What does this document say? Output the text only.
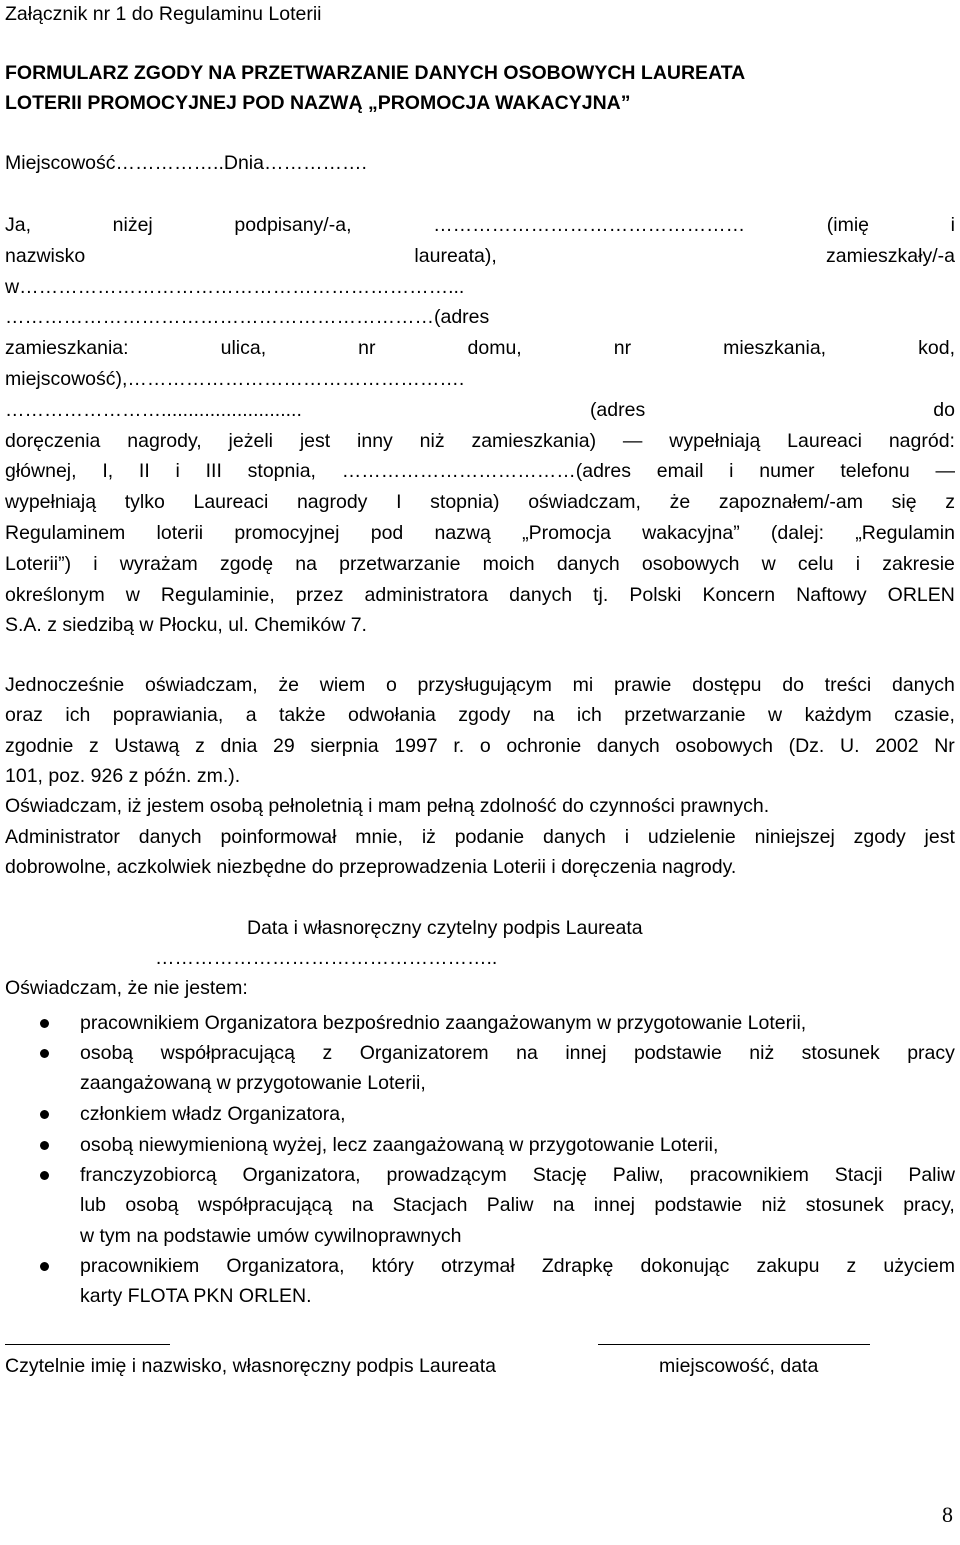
Załącznik nr 1 do Regulaminu Loterii
FORMULARZ ZGODY NA PRZETWARZANIE DANYCH OSOBOWYCH LAUREATA
LOTERII PROMOCYJNEJ POD NAZWĄ „PROMOCJA WAKACYJNA”
Miejscowość……………..Dnia…………….
Ja,	niżej	podpisany/-a,	…………………………………………	(imię	i
nazwisko	laureata),	zamieszkały/-a
w…………………………………………………………...
…………………………………………………………(adres
zamieszkania:	ulica,	nr	domu,	nr	mieszkania,	kod,
miejscowość),…………………………………………….
……………………..........................	(adres	do
doręczenia nagrody, jeżeli jest inny niż zamieszkania) — wypełniają Laureaci nagród:
głównej, I, II i III stopnia, ………………………………(adres email i numer telefonu —
wypełniają tylko Laureaci nagrody I stopnia) oświadczam, że zapoznałem/-am się z
Regulaminem loterii promocyjnej pod nazwą „Promocja wakacyjna” (dalej: „Regulamin
Loterii”) i wyrażam zgodę na przetwarzanie moich danych osobowych w celu i zakresie
określonym w Regulaminie, przez administratora danych tj. Polski Koncern Naftowy ORLEN
S.A. z siedzibą w Płocku, ul. Chemików 7.
Jednocześnie oświadczam, że wiem o przysługującym mi prawie dostępu do treści danych
oraz ich poprawiania, a także odwołania zgody na ich przetwarzanie w każdym czasie,
zgodnie z Ustawą z dnia 29 sierpnia 1997 r. o ochronie danych osobowych (Dz. U. 2002 Nr
101, poz. 926 z późn. zm.).
Oświadczam, iż jestem osobą pełnoletnią i mam pełną zdolność do czynności prawnych.
Administrator danych poinformował mnie, iż podanie danych i udzielenie niniejszej zgody jest
dobrowolne, aczkolwiek niezbędne do przeprowadzenia Loterii i doręczenia nagrody.
Data i własnoręczny czytelny podpis Laureata
……………………………………………..
Oświadczam, że nie jestem:
pracownikiem Organizatora bezpośrednio zaangażowanym w przygotowanie Loterii,
osobą współpracującą z Organizatorem na innej podstawie niż stosunek pracy
zaangażowaną w przygotowanie Loterii,
członkiem władz Organizatora,
osobą niewymienioną wyżej, lecz zaangażowaną w przygotowanie Loterii,
franczyzobiorcą Organizatora, prowadzącym Stację Paliw, pracownikiem Stacji Paliw
lub osobą współpracującą na Stacjach Paliw na innej podstawie niż stosunek pracy,
w tym na podstawie umów cywilnoprawnych
pracownikiem Organizatora, który otrzymał Zdrapkę dokonując zakupu z użyciem
karty FLOTA PKN ORLEN.
Czytelnie imię i nazwisko, własnoręczny podpis Laureata	miejscowość, data
8
